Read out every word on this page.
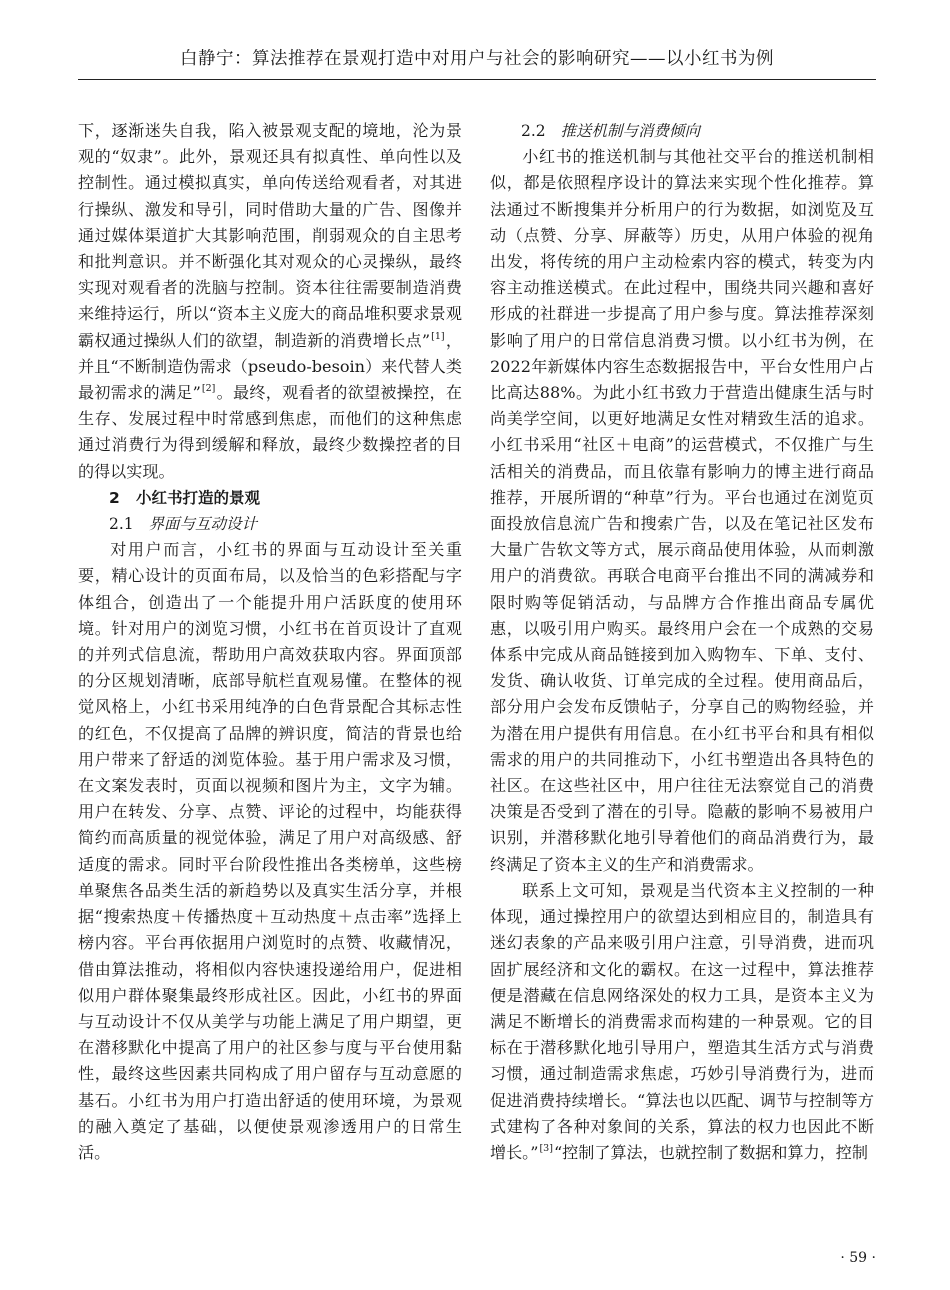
白静宁：算法推荐在景观打造中对用户与社会的影响研究——以小红书为例

下，逐渐迷失自我，陷入被景观支配的境地，沦为景观的“奴隶”。此外，景观还具有拟真性、单向性以及控制性。通过模拟真实，单向传送给观看者，对其进行操纵、激发和导引，同时借助大量的广告、图像并通过媒体渠道扩大其影响范围，削弱观众的自主思考和批判意识。并不断强化其对观众的心灵操纵，最终实现对观看者的洗脑与控制。资本往往需要制造消费来维持运行，所以“资本主义庞大的商品堆积要求景观霸权通过操纵人们的欲望，制造新的消费增长点”[1]，并且“不断制造伪需求（pseudo-besoin）来代替人类最初需求的满足”[2]。最终，观看者的欲望被操控，在生存、发展过程中时常感到焦虑，而他们的这种焦虑通过消费行为得到缓解和释放，最终少数操控者的目的得以实现。

2 小红书打造的景观

2.1 界面与互动设计

对用户而言，小红书的界面与互动设计至关重要，精心设计的页面布局，以及恰当的色彩搭配与字体组合，创造出了一个能提升用户活跃度的使用环境。针对用户的浏览习惯，小红书在首页设计了直观的并列式信息流，帮助用户高效获取内容。界面顶部的分区规划清晰，底部导航栏直观易懂。在整体的视觉风格上，小红书采用纯净的白色背景配合其标志性的红色，不仅提高了品牌的辨识度，简洁的背景也给用户带来了舒适的浏览体验。基于用户需求及习惯，在文案发表时，页面以视频和图片为主，文字为辅。用户在转发、分享、点赞、评论的过程中，均能获得简约而高质量的视觉体验，满足了用户对高级感、舒适度的需求。同时平台阶段性推出各类榜单，这些榜单聚焦各品类生活的新趋势以及真实生活分享，并根据“搜索热度＋传播热度＋互动热度＋点击率”选择上榜内容。平台再依据用户浏览时的点赞、收藏情况，借由算法推动，将相似内容快速投递给用户，促进相似用户群体聚集最终形成社区。因此，小红书的界面与互动设计不仅从美学与功能上满足了用户期望，更在潜移默化中提高了用户的社区参与度与平台使用黏性，最终这些因素共同构成了用户留存与互动意愿的基石。小红书为用户打造出舒适的使用环境，为景观的融入奠定了基础，以便使景观渗透用户的日常生活。

2.2 推送机制与消费倾向

小红书的推送机制与其他社交平台的推送机制相似，都是依照程序设计的算法来实现个性化推荐。算法通过不断搜集并分析用户的行为数据，如浏览及互动（点赞、分享、屏蔽等）历史，从用户体验的视角出发，将传统的用户主动检索内容的模式，转变为内容主动推送模式。在此过程中，围绕共同兴趣和喜好形成的社群进一步提高了用户参与度。算法推荐深刻影响了用户的日常信息消费习惯。以小红书为例，在2022年新媒体内容生态数据报告中，平台女性用户占比高达88%。为此小红书致力于营造出健康生活与时尚美学空间，以更好地满足女性对精致生活的追求。小红书采用“社区＋电商”的运营模式，不仅推广与生活相关的消费品，而且依靠有影响力的博主进行商品推荐，开展所谓的“种草”行为。平台也通过在浏览页面投放信息流广告和搜索广告，以及在笔记社区发布大量广告软文等方式，展示商品使用体验，从而刺激用户的消费欲。再联合电商平台推出不同的满减券和限时购等促销活动，与品牌方合作推出商品专属优惠，以吸引用户购买。最终用户会在一个成熟的交易体系中完成从商品链接到加入购物车、下单、支付、发货、确认收货、订单完成的全过程。使用商品后，部分用户会发布反馈帖子，分享自己的购物经验，并为潜在用户提供有用信息。在小红书平台和具有相似需求的用户的共同推动下，小红书塑造出各具特色的社区。在这些社区中，用户往往无法察觉自己的消费决策是否受到了潜在的引导。隐蔽的影响不易被用户识别，并潜移默化地引导着他们的商品消费行为，最终满足了资本主义的生产和消费需求。

联系上文可知，景观是当代资本主义控制的一种体现，通过操控用户的欲望达到相应目的，制造具有迷幻表象的产品来吸引用户注意，引导消费，进而巩固扩展经济和文化的霸权。在这一过程中，算法推荐便是潜藏在信息网络深处的权力工具，是资本主义为满足不断增长的消费需求而构建的一种景观。它的目标在于潜移默化地引导用户，塑造其生活方式与消费习惯，通过制造需求焦虑，巧妙引导消费行为，进而促进消费持续增长。“算法也以匹配、调节与控制等方式建构了各种对象间的关系，算法的权力也因此不断增长。”[3]“控制了算法，也就控制了数据和算力，控制

· 59 ·
